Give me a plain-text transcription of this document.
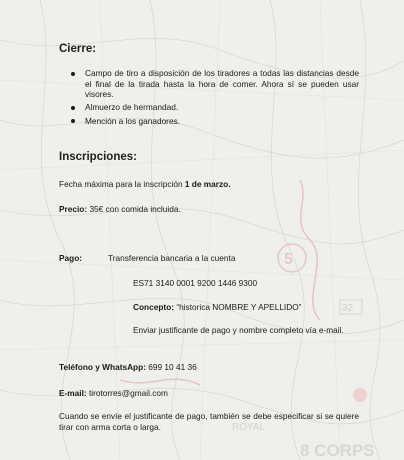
5
32
ROYAL
8 CORPS
Cierre:
Campo de tiro a disposición de los tiradores a todas las distancias desde el final de la tirada hasta la hora de comer. Ahora sí se pueden usar visores.
Almuerzo de hermandad.
Mención a los ganadores.
Inscripciones:

Fecha máxima para la inscripción 1 de marzo.

Precio: 35€ con comida incluida.

Pago:	Transferencia bancaria a la cuenta

ES71 3140 0001 9200 1446 9300

Concepto: “historica NOMBRE Y APELLIDO”

Enviar justificante de pago y nombre completo vía e-mail.

Teléfono y WhatsApp: 699 10 41 36

E-mail: tirotorres@gmail.com

Cuando se envíe el justificante de pago, también se debe especificar si se quiere tirar con arma corta o larga.
